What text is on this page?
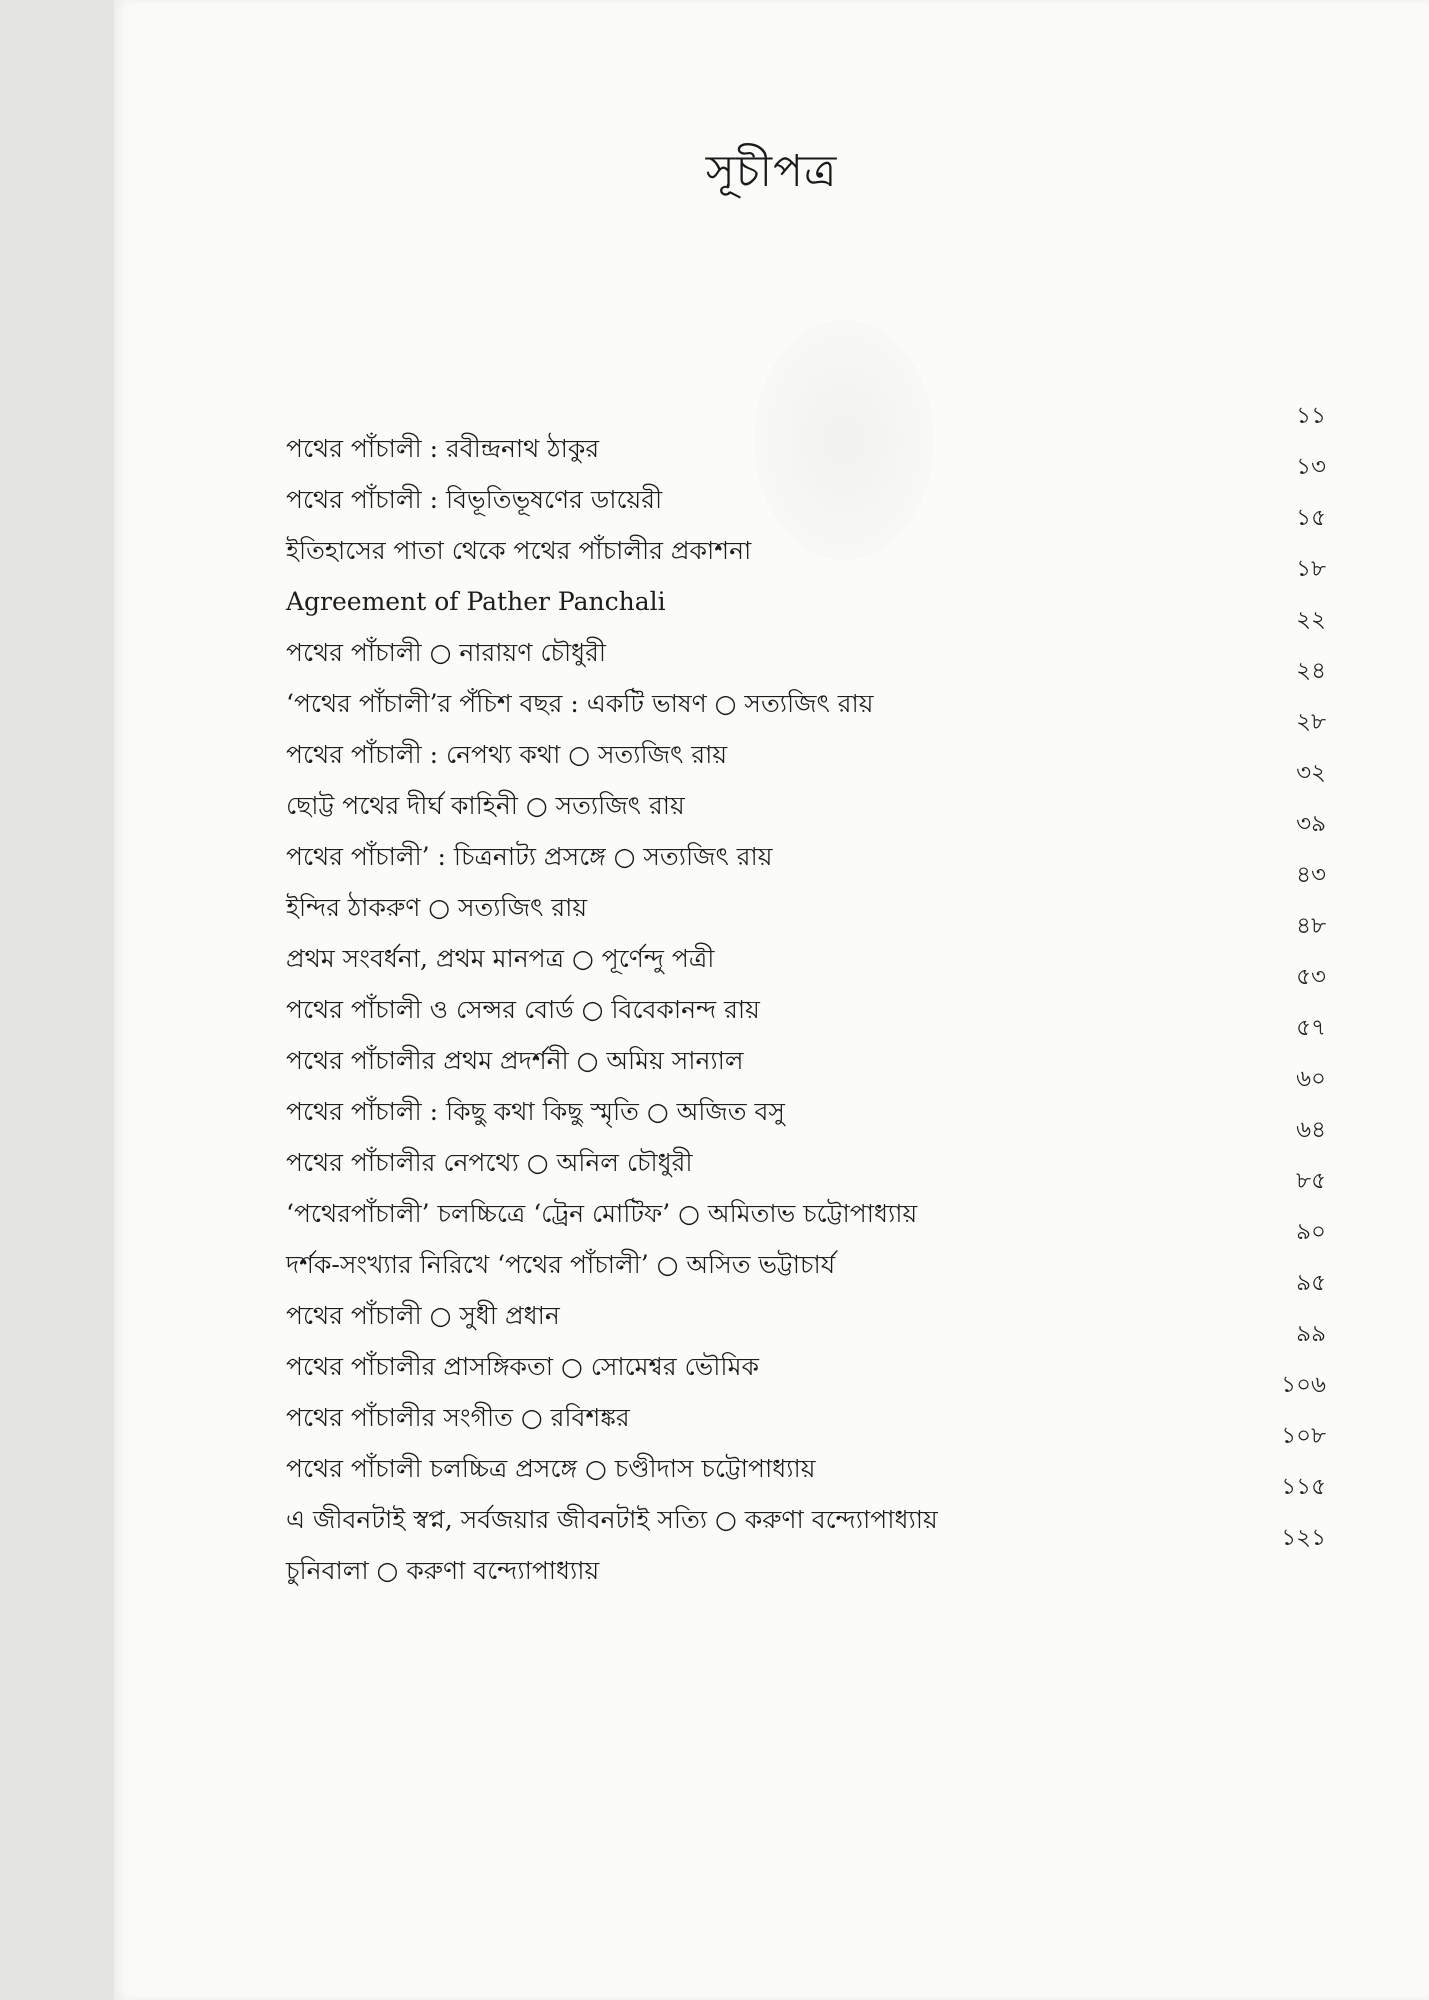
সূচীপত্র
পথের পাঁচালী : রবীন্দ্রনাথ ঠাকুর
১১
পথের পাঁচালী : বিভূতিভূষণের ডায়েরী
১৩
ইতিহাসের পাতা থেকে পথের পাঁচালীর প্রকাশনা
১৫
Agreement of Pather Panchali
১৮
পথের পাঁচালী ○ নারায়ণ চৌধুরী
২২
‘পথের পাঁচালী’র পঁচিশ বছর : একটি ভাষণ ○ সত্যজিৎ রায়
২৪
পথের পাঁচালী : নেপথ্য কথা ○ সত্যজিৎ রায়
২৮
ছোট্ট পথের দীর্ঘ কাহিনী ○ সত্যজিৎ রায়
৩২
পথের পাঁচালী’ : চিত্রনাট্য প্রসঙ্গে ○ সত্যজিৎ রায়
৩৯
ইন্দির ঠাকরুণ ○ সত্যজিৎ রায়
৪৩
প্রথম সংবর্ধনা, প্রথম মানপত্র ○ পূর্ণেন্দু পত্রী
৪৮
পথের পাঁচালী ও সেন্সর বোর্ড ○ বিবেকানন্দ রায়
৫৩
পথের পাঁচালীর প্রথম প্রদর্শনী ○ অমিয় সান্যাল
৫৭
পথের পাঁচালী : কিছু কথা কিছু স্মৃতি ○ অজিত বসু
৬০
পথের পাঁচালীর নেপথ্যে ○ অনিল চৌধুরী
৬৪
‘পথেরপাঁচালী’ চলচ্চিত্রে ‘ট্রেন মোটিফ’ ○ অমিতাভ চট্টোপাধ্যায়
৮৫
দর্শক-সংখ্যার নিরিখে ‘পথের পাঁচালী’ ○ অসিত ভট্টাচার্য
৯০
পথের পাঁচালী ○ সুধী প্রধান
৯৫
পথের পাঁচালীর প্রাসঙ্গিকতা ○ সোমেশ্বর ভৌমিক
৯৯
পথের পাঁচালীর সংগীত ○ রবিশঙ্কর
১০৬
পথের পাঁচালী চলচ্চিত্র প্রসঙ্গে ○ চণ্ডীদাস চট্টোপাধ্যায়
১০৮
এ জীবনটাই স্বপ্ন, সর্বজয়ার জীবনটাই সত্যি ○ করুণা বন্দ্যোপাধ্যায়
১১৫
চুনিবালা ○ করুণা বন্দ্যোপাধ্যায়
১২১
